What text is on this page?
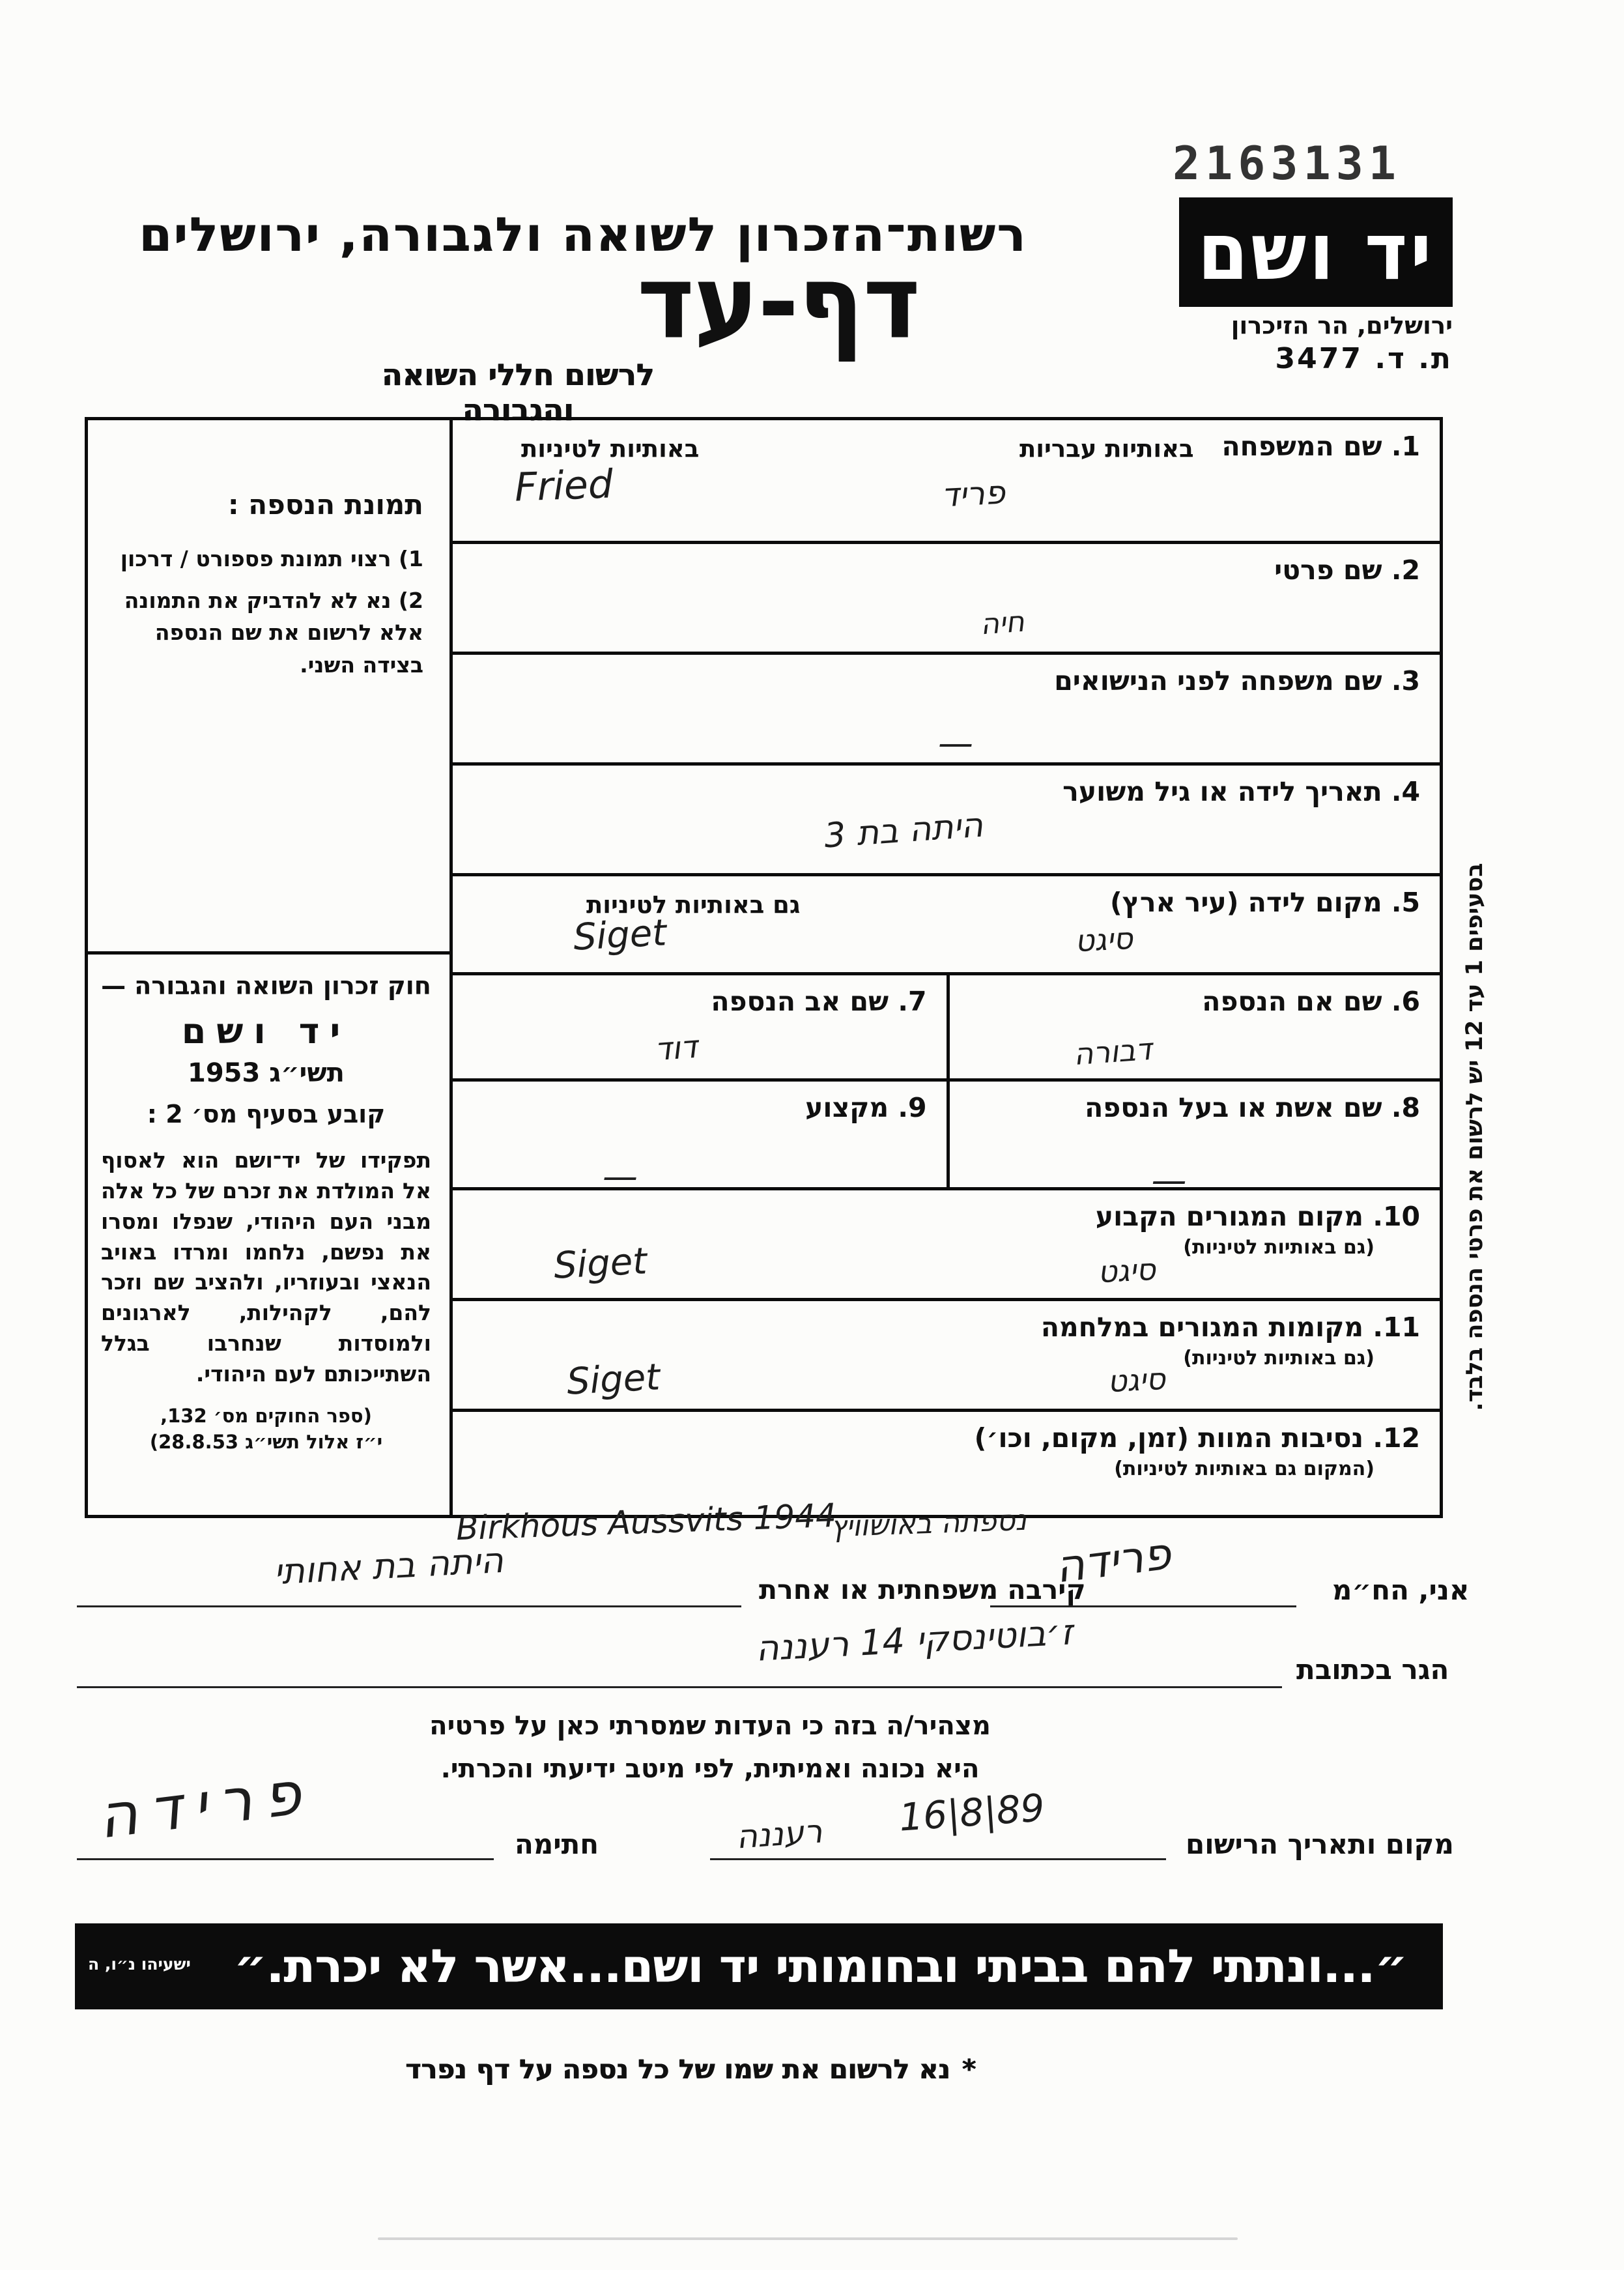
2163131
יד ושם
ירושלים, הר הזיכרון
ת. ד. 3477
רשות־הזכרון לשואה ולגבורה, ירושלים
דף-עד
לרשום חללי השואה והגבורה
תמונת הנספה :
1) רצוי תמונת פספורט / דרכון
2) נא לא להדביק את התמונה אלא לרשום את שם הנספה בצידה השני.
חוק זכרון השואה והגבורה —
יד ושם
תשי״ג 1953
קובע בסעיף מס׳ 2 :
תפקידו של יד־ושם הוא לאסוף אל המולדת את זכרם של כל אלה מבני העם היהודי, שנפלו ומסרו את נפשם, נלחמו ומרדו באויב הנאצי ובעוזריו, ולהציב שם וזכר להם, לקהילות, לארגונים ולמוסדות שנחרבו בגלל השתייכותם לעם היהודי.
(ספר החוקים מס׳ 132,
י״ז אלול תשי״ג 28.8.53)
1. שם המשפחה
באותיות עבריות
באותיות לטיניות
Fried	פריד
2. שם פרטי
חיה
3. שם משפחה לפני הנישואים
—
4. תאריך לידה או גיל משוער
היתה בת 3
5. מקום לידה (עיר ארץ)
גם באותיות לטיניות
Siget	סיגט
6. שם אם הנספה
דבורה
7. שם אב הנספה
דוד
8. שם אשת או בעל הנספה
—
9. מקצוע
—
10. מקום המגורים הקבוע
(גם באותיות לטיניות)
Siget	סיגט
11. מקומות המגורים במלחמה
(גם באותיות לטיניות)
Siget	סיגט
12. נסיבות המוות (זמן, מקום, וכו׳)
(המקום גם באותיות לטיניות)
Birkhous Aussvits 1944
נספתה באושוויץ
בסעיפים 1 עד 12 יש לרשום את פרטי הנספה בלבד.
אני, הח״מ
פרידה
קירבה משפחתית או אחרת
היתה בת אחותי
הגר בכתובת
ז׳בוטינסקי 14 רעננה
מצהיר/ה בזה כי העדות שמסרתי כאן על פרטיה
היא נכונה ואמיתית, לפי מיטב ידיעתי והכרתי.
מקום ותאריך הרישום
16|8|89
רעננה
חתימה
פרידה
״...ונתתי להם בביתי ובחומותי יד ושם...אשר לא יכרת.״
ישעיהו נ״ו, ה
*נא לרשום את שמו של כל נספה על דף נפרד
